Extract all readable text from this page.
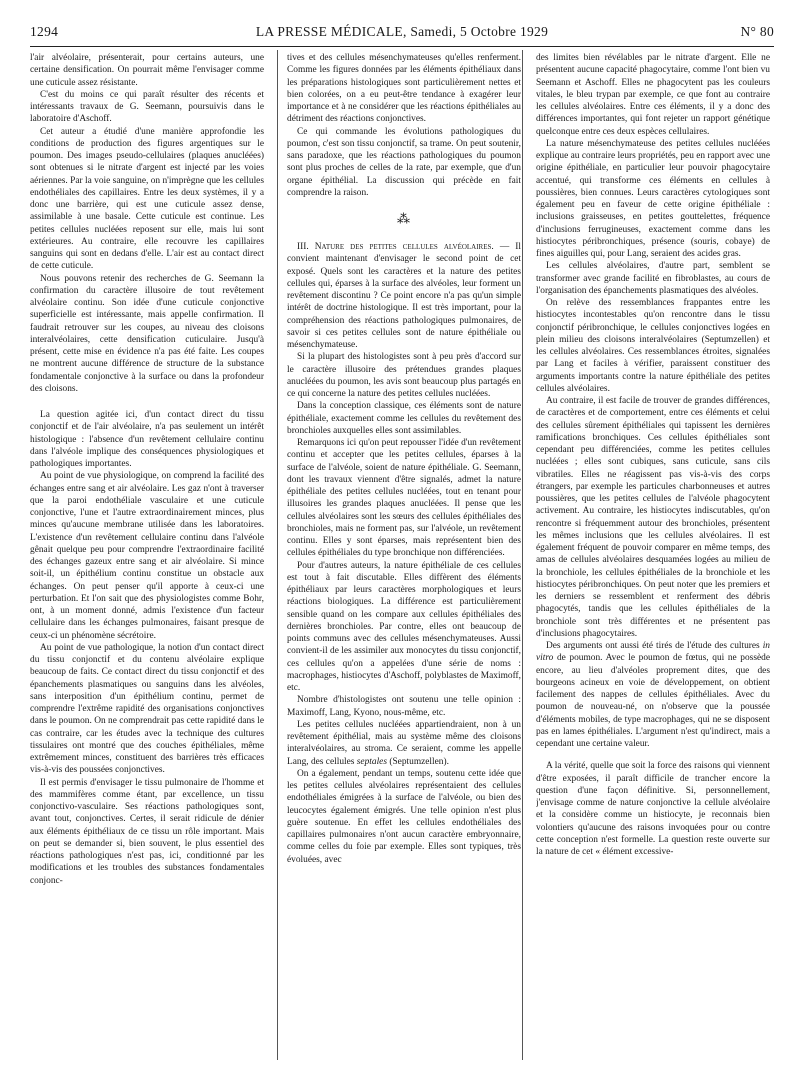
1294	LA PRESSE MÉDICALE, Samedi, 5 Octobre 1929	N° 80

l'air alvéolaire, présenterait, pour certains auteurs, une certaine densification. On pourrait même l'envisager comme une cuticule assez résistante.

C'est du moins ce qui paraît résulter des récents et intéressants travaux de G. Seemann, poursuivis dans le laboratoire d'Aschoff.

Cet auteur a étudié d'une manière approfondie les conditions de production des figures argentiques sur le poumon. Des images pseudo-cellulaires (plaques anucléées) sont obtenues si le nitrate d'argent est injecté par les voies aériennes. Par la voie sanguine, on n'imprègne que les cellules endothéliales des capillaires. Entre les deux systèmes, il y a donc une barrière, qui est une cuticule assez dense, assimilable à une basale. Cette cuticule est continue. Les petites cellules nucléées reposent sur elle, mais lui sont extérieures. Au contraire, elle recouvre les capillaires sanguins qui sont en dedans d'elle. L'air est au contact direct de cette cuticule.

Nous pouvons retenir des recherches de G. Seemann la confirmation du caractère illusoire de tout revêtement alvéolaire continu. Son idée d'une cuticule conjonctive superficielle est intéressante, mais appelle confirmation. Il faudrait retrouver sur les coupes, au niveau des cloisons interalvéolaires, cette densification cuticulaire. Jusqu'à présent, cette mise en évidence n'a pas été faite. Les coupes ne montrent aucune différence de structure de la substance fondamentale conjonctive à la surface ou dans la profondeur des cloisons.

La question agitée ici, d'un contact direct du tissu conjonctif et de l'air alvéolaire, n'a pas seulement un intérêt histologique : l'absence d'un revêtement cellulaire continu dans l'alvéole implique des conséquences physiologiques et pathologiques importantes.

Au point de vue physiologique, on comprend la facilité des échanges entre sang et air alvéolaire. Les gaz n'ont à traverser que la paroi endothéliale vasculaire et une cuticule conjonctive, l'une et l'autre extraordinairement minces, plus minces qu'aucune membrane utilisée dans les laboratoires. L'existence d'un revêtement cellulaire continu dans l'alvéole gênait quelque peu pour comprendre l'extraordinaire facilité des échanges gazeux entre sang et air alvéolaire. Si mince soit-il, un épithélium continu constitue un obstacle aux échanges. On peut penser qu'il apporte à ceux-ci une perturbation. Et l'on sait que des physiologistes comme Bohr, ont, à un moment donné, admis l'existence d'un facteur cellulaire dans les échanges pulmonaires, faisant presque de ceux-ci un phénomène sécrétoire.

Au point de vue pathologique, la notion d'un contact direct du tissu conjonctif et du contenu alvéolaire explique beaucoup de faits. Ce contact direct du tissu conjonctif et des épanchements plasmatiques ou sanguins dans les alvéoles, sans interposition d'un épithélium continu, permet de comprendre l'extrême rapidité des organisations conjonctives dans le poumon. On ne comprendrait pas cette rapidité dans le cas contraire, car les études avec la technique des cultures tissulaires ont montré que des couches épithéliales, même extrêmement minces, constituent des barrières très efficaces vis-à-vis des poussées conjonctives.

Il est permis d'envisager le tissu pulmonaire de l'homme et des mammifères comme étant, par excellence, un tissu conjonctivo-vasculaire. Ses réactions pathologiques sont, avant tout, conjonctives. Certes, il serait ridicule de dénier aux éléments épithéliaux de ce tissu un rôle important. Mais on peut se demander si, bien souvent, le plus essentiel des réactions pathologiques n'est pas, ici, conditionné par les modifications et les troubles des substances fondamentales conjonc-

tives et des cellules mésenchymateuses qu'elles renferment. Comme les figures données par les éléments épithéliaux dans les préparations histologiques sont particulièrement nettes et bien colorées, on a eu peut-être tendance à exagérer leur importance et à ne considérer que les réactions épithéliales au détriment des réactions conjonctives.

Ce qui commande les évolutions pathologiques du poumon, c'est son tissu conjonctif, sa trame. On peut soutenir, sans paradoxe, que les réactions pathologiques du poumon sont plus proches de celles de la rate, par exemple, que d'un organe épithélial. La discussion qui précède en fait comprendre la raison.

⁂

III. Nature des petites cellules alvéolaires. — Il convient maintenant d'envisager le second point de cet exposé. Quels sont les caractères et la nature des petites cellules qui, éparses à la surface des alvéoles, leur forment un revêtement discontinu ? Ce point encore n'a pas qu'un simple intérêt de doctrine histologique. Il est très important, pour la compréhension des réactions pathologiques pulmonaires, de savoir si ces petites cellules sont de nature épithéliale ou mésenchymateuse.

Si la plupart des histologistes sont à peu près d'accord sur le caractère illusoire des prétendues grandes plaques anucléées du poumon, les avis sont beaucoup plus partagés en ce qui concerne la nature des petites cellules nucléées.

Dans la conception classique, ces éléments sont de nature épithéliale, exactement comme les cellules du revêtement des bronchioles auxquelles elles sont assimilables.

Remarquons ici qu'on peut repousser l'idée d'un revêtement continu et accepter que les petites cellules, éparses à la surface de l'alvéole, soient de nature épithéliale. G. Seemann, dont les travaux viennent d'être signalés, admet la nature épithéliale des petites cellules nucléées, tout en tenant pour illusoires les grandes plaques anucléées. Il pense que les cellules alvéolaires sont les sœurs des cellules épithéliales des bronchioles, mais ne forment pas, sur l'alvéole, un revêtement continu. Elles y sont éparses, mais représentent bien des cellules épithéliales du type bronchique non différenciées.

Pour d'autres auteurs, la nature épithéliale de ces cellules est tout à fait discutable. Elles diffèrent des éléments épithéliaux par leurs caractères morphologiques et leurs réactions biologiques. La différence est particulièrement sensible quand on les compare aux cellules épithéliales des dernières bronchioles. Par contre, elles ont beaucoup de points communs avec des cellules mésenchymateuses. Aussi convient-il de les assimiler aux monocytes du tissu conjonctif, ces cellules qu'on a appelées d'une série de noms : macrophages, histiocytes d'Aschoff, polyblastes de Maximoff, etc.

Nombre d'histologistes ont soutenu une telle opinion : Maximoff, Lang, Kyono, nous-même, etc.

Les petites cellules nucléées appartiendraient, non à un revêtement épithélial, mais au système même des cloisons interalvéolaires, au stroma. Ce seraient, comme les appelle Lang, des cellules septales (Septumzellen).

On a également, pendant un temps, soutenu cette idée que les petites cellules alvéolaires représentaient des cellules endothéliales émigrées à la surface de l'alvéole, ou bien des leucocytes également émigrés. Une telle opinion n'est plus guère soutenue. En effet les cellules endothéliales des capillaires pulmonaires n'ont aucun caractère embryonnaire, comme celles du foie par exemple. Elles sont typiques, très évoluées, avec

des limites bien révélables par le nitrate d'argent. Elle ne présentent aucune capacité phagocytaire, comme l'ont bien vu Seemann et Aschoff. Elles ne phagocytent pas les couleurs vitales, le bleu trypan par exemple, ce que font au contraire les cellules alvéolaires. Entre ces éléments, il y a donc des différences importantes, qui font rejeter un rapport génétique quelconque entre ces deux espèces cellulaires.

La nature mésenchymateuse des petites cellules nucléées explique au contraire leurs propriétés, peu en rapport avec une origine épithéliale, en particulier leur pouvoir phagocytaire accentué, qui transforme ces éléments en cellules à poussières, bien connues. Leurs caractères cytologiques sont également peu en faveur de cette origine épithéliale : inclusions graisseuses, en petites gouttelettes, fréquence d'inclusions ferrugineuses, exactement comme dans les histiocytes péribronchiques, présence (souris, cobaye) de fines aiguilles qui, pour Lang, seraient des acides gras.

Les cellules alvéolaires, d'autre part, semblent se transformer avec grande facilité en fibroblastes, au cours de l'organisation des épanchements plasmatiques des alvéoles.

On relève des ressemblances frappantes entre les histiocytes incontestables qu'on rencontre dans le tissu conjonctif péribronchique, le cellules conjonctives logées en plein milieu des cloisons interalvéolaires (Septumzellen) et les cellules alvéolaires. Ces ressemblances étroites, signalées par Lang et faciles à vérifier, paraissent constituer des arguments importants contre la nature épithéliale des petites cellules alvéolaires.

Au contraire, il est facile de trouver de grandes différences, de caractères et de comportement, entre ces éléments et celui des cellules sûrement épithéliales qui tapissent les dernières ramifications bronchiques. Ces cellules épithéliales sont cependant peu différenciées, comme les petites cellules nucléées ; elles sont cubiques, sans cuticule, sans cils vibratiles. Elles ne réagissent pas vis-à-vis des corps étrangers, par exemple les particules charbonneuses et autres poussières, que les petites cellules de l'alvéole phagocytent activement. Au contraire, les histiocytes indiscutables, qu'on rencontre si fréquemment autour des bronchioles, présentent les mêmes inclusions que les cellules alvéolaires. Il est également fréquent de pouvoir comparer en même temps, des amas de cellules alvéolaires desquamées logées au milieu de la bronchiole, les cellules épithéliales de la bronchiole et les histiocytes péribronchiques. On peut noter que les premiers et les derniers se ressemblent et renferment des débris phagocytés, tandis que les cellules épithéliales de la bronchiole sont très différentes et ne présentent pas d'inclusions phagocytaires.

Des arguments ont aussi été tirés de l'étude des cultures in vitro de poumon. Avec le poumon de fœtus, qui ne possède encore, au lieu d'alvéoles proprement dites, que des bourgeons acineux en voie de développement, on obtient facilement des nappes de cellules épithéliales. Avec du poumon de nouveau-né, on n'observe que la poussée d'éléments mobiles, de type macrophages, qui ne se disposent pas en lames épithéliales. L'argument n'est qu'indirect, mais a cependant une certaine valeur.

A la vérité, quelle que soit la force des raisons qui viennent d'être exposées, il paraît difficile de trancher encore la question d'une façon définitive. Si, personnellement, j'envisage comme de nature conjonctive la cellule alvéolaire et la considère comme un histiocyte, je reconnais bien volontiers qu'aucune des raisons invoquées pour ou contre cette conception n'est formelle. La question reste ouverte sur la nature de cet « élément excessive-
